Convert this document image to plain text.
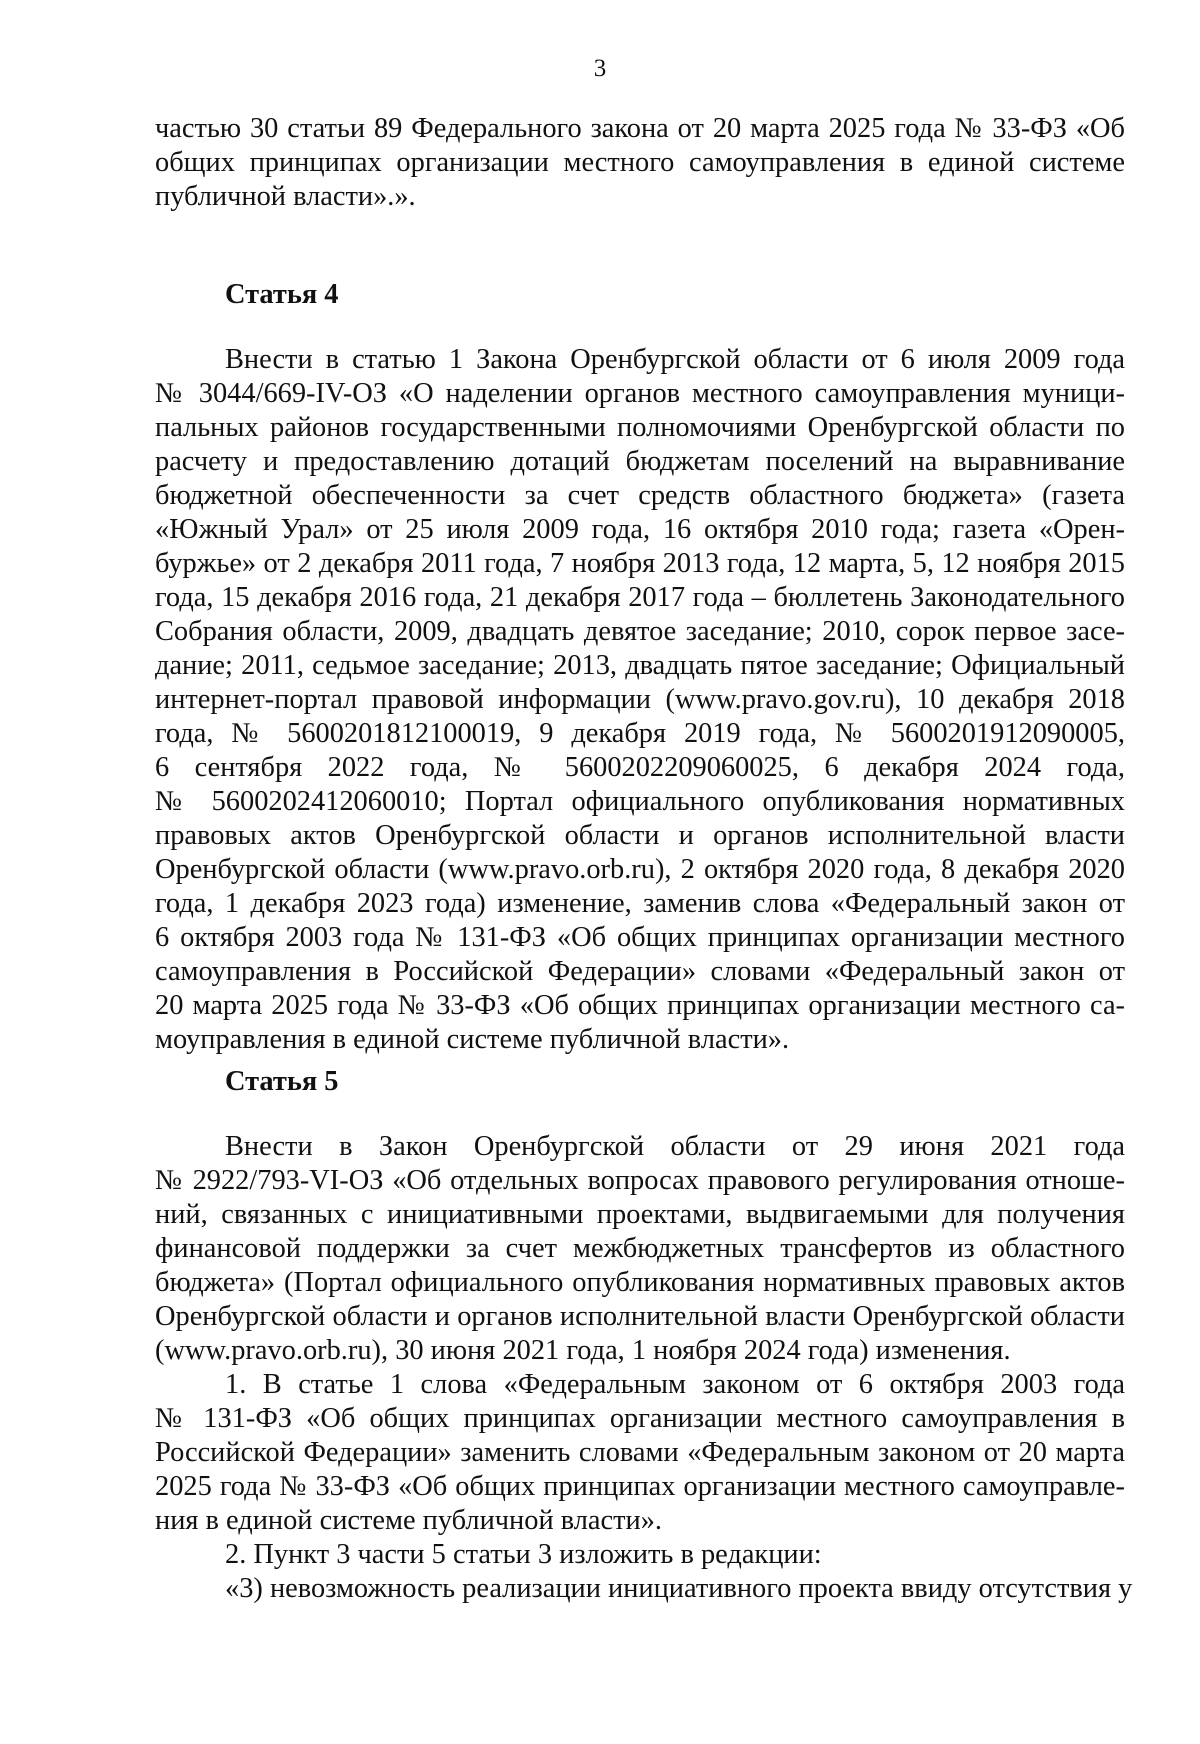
3
частью 30 статьи 89 Федерального закона от 20 марта 2025 года № 33-ФЗ «Об
общих принципах организации местного самоуправления в единой системе
публичной власти».».
Статья 4
Внести в статью 1 Закона Оренбургской области от 6 июля 2009 года
№ 3044/669-IV-ОЗ «О наделении органов местного самоуправления муници-
пальных районов государственными полномочиями Оренбургской области по
расчету и предоставлению дотаций бюджетам поселений на выравнивание
бюджетной обеспеченности за счет средств областного бюджета» (газета
«Южный Урал» от 25 июля 2009 года, 16 октября 2010 года; газета «Орен-
буржье» от 2 декабря 2011 года, 7 ноября 2013 года, 12 марта, 5, 12 ноября 2015
года, 15 декабря 2016 года, 21 декабря 2017 года – бюллетень Законодательного
Собрания области, 2009, двадцать девятое заседание; 2010, сорок первое засе-
дание; 2011, седьмое заседание; 2013, двадцать пятое заседание; Официальный
интернет-портал правовой информации (www.pravo.gov.ru), 10 декабря 2018
года, № 5600201812100019, 9 декабря 2019 года, № 5600201912090005,
6 сентября 2022 года, № 5600202209060025, 6 декабря 2024 года,
№ 5600202412060010; Портал официального опубликования нормативных
правовых актов Оренбургской области и органов исполнительной власти
Оренбургской области (www.pravo.orb.ru), 2 октября 2020 года, 8 декабря 2020
года, 1 декабря 2023 года) изменение, заменив слова «Федеральный закон от
6 октября 2003 года № 131-ФЗ «Об общих принципах организации местного
самоуправления в Российской Федерации» словами «Федеральный закон от
20 марта 2025 года № 33-ФЗ «Об общих принципах организации местного са-
моуправления в единой системе публичной власти».
Статья 5
Внести в Закон Оренбургской области от 29 июня 2021 года
№ 2922/793-VI-ОЗ «Об отдельных вопросах правового регулирования отноше-
ний, связанных с инициативными проектами, выдвигаемыми для получения
финансовой поддержки за счет межбюджетных трансфертов из областного
бюджета» (Портал официального опубликования нормативных правовых актов
Оренбургской области и органов исполнительной власти Оренбургской области
(www.pravo.orb.ru), 30 июня 2021 года, 1 ноября 2024 года) изменения.
1. В статье 1 слова «Федеральным законом от 6 октября 2003 года
№ 131-ФЗ «Об общих принципах организации местного самоуправления в
Российской Федерации» заменить словами «Федеральным законом от 20 марта
2025 года № 33-ФЗ «Об общих принципах организации местного самоуправле-
ния в единой системе публичной власти».
2. Пункт 3 части 5 статьи 3 изложить в редакции:
«3) невозможность реализации инициативного проекта ввиду отсутствия у
